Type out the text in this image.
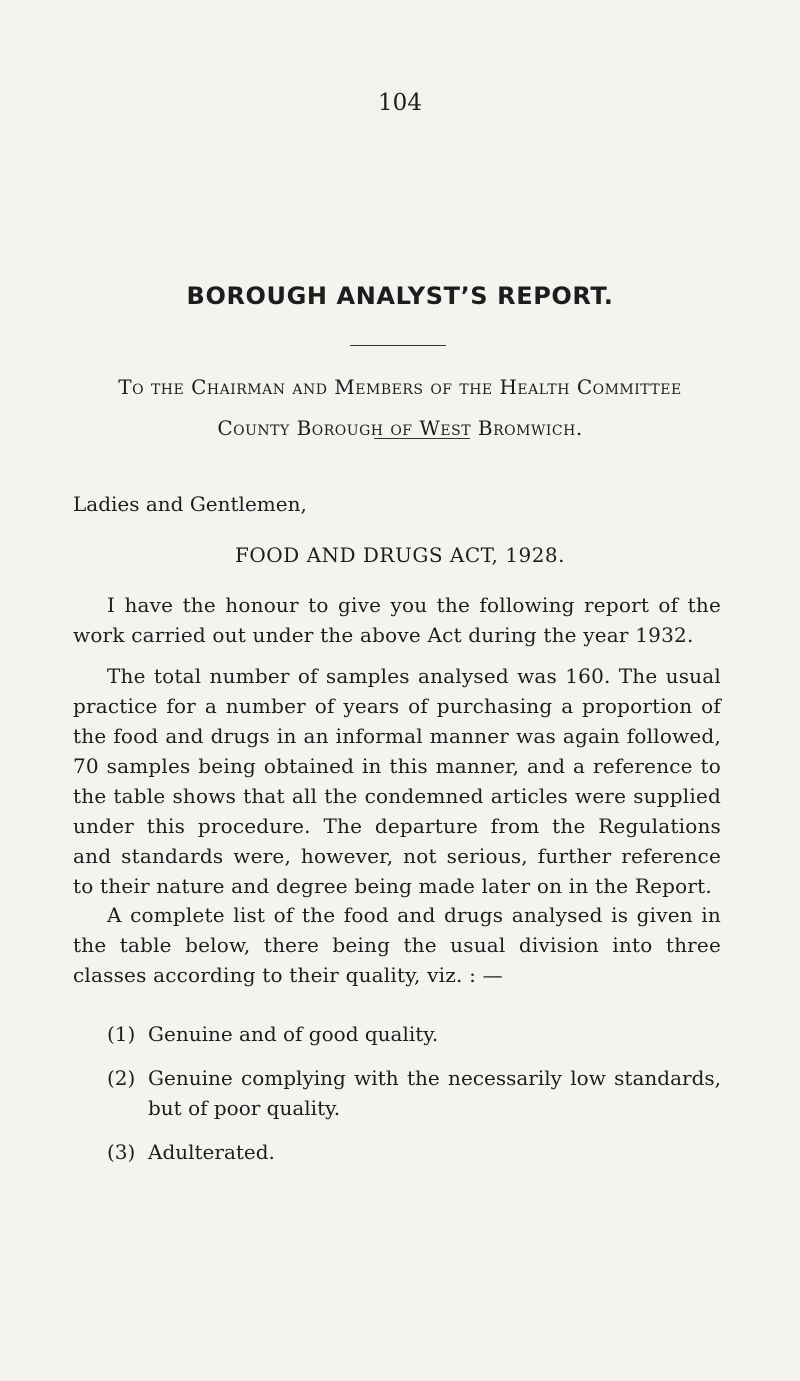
104
BOROUGH ANALYST’S REPORT.
To the Chairman and Members of the Health Committee
County Borough of West Bromwich.
Ladies and Gentlemen,
FOOD AND DRUGS ACT, 1928.

I have the honour to give you the following report of the work carried out under the above Act during the year 1932.

The total number of samples analysed was 160. The usual practice for a number of years of purchasing a proportion of the food and drugs in an informal manner was again followed, 70 samples being obtained in this manner, and a reference to the table shows that all the condemned articles were supplied under this procedure. The departure from the Regulations and standards were, however, not serious, further reference to their nature and degree being made later on in the Report.

A complete list of the food and drugs analysed is given in the table below, there being the usual division into three classes according to their quality, viz. : —

(1) Genuine and of good quality.
(2) Genuine complying with the necessarily low standards, but of poor quality.
(3) Adulterated.
